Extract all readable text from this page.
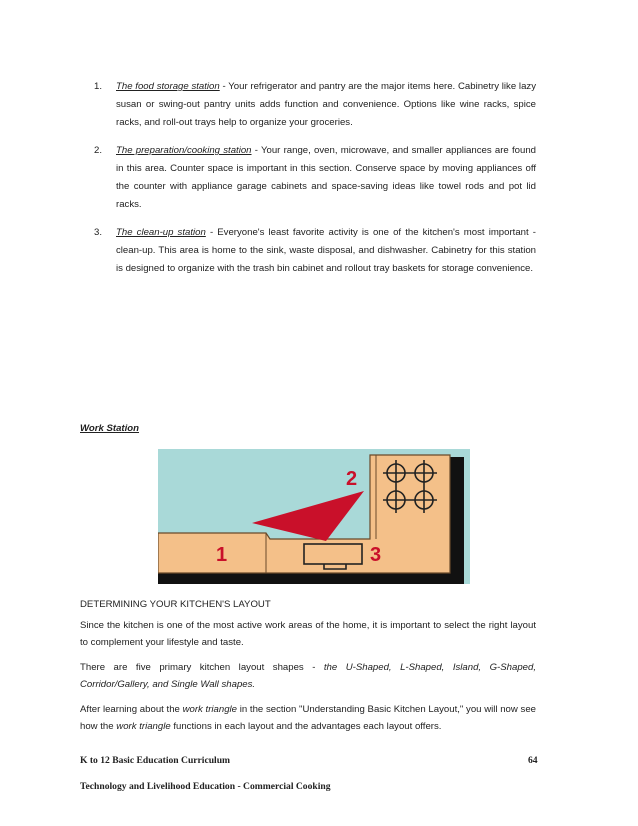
1.	The food storage station - Your refrigerator and pantry are the major items here. Cabinetry like lazy susan or swing-out pantry units adds function and convenience. Options like wine racks, spice racks, and roll-out trays help to organize your groceries.
2.	The preparation/cooking station - Your range, oven, microwave, and smaller appliances are found in this area. Counter space is important in this section. Conserve space by moving appliances off the counter with appliance garage cabinets and space-saving ideas like towel rods and pot lid racks.
3.	The clean-up station - Everyone's least favorite activity is one of the kitchen's most important - clean-up. This area is home to the sink, waste disposal, and dishwasher. Cabinetry for this station is designed to organize with the trash bin cabinet and rollout tray baskets for storage convenience.
Work Station
1
2
3

DETERMINING YOUR KITCHEN'S LAYOUT

Since the kitchen is one of the most active work areas of the home, it is important to select the right layout to complement your lifestyle and taste.

There are five primary kitchen layout shapes - the U-Shaped, L-Shaped, Island, G-Shaped, Corridor/Gallery, and Single Wall shapes.

After learning about the work triangle in the section "Understanding Basic Kitchen Layout," you will now see how the work triangle functions in each layout and the advantages each layout offers.

K to 12 Basic Education Curriculum	64
Technology and Livelihood Education - Commercial Cooking
